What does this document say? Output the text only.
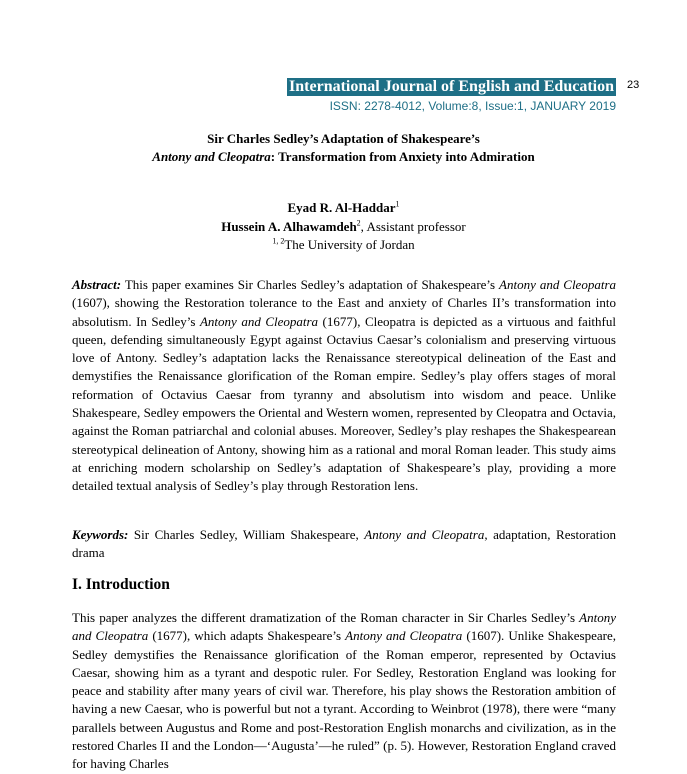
International Journal of English and Education 23
ISSN: 2278-4012, Volume:8, Issue:1, JANUARY 2019
Sir Charles Sedley’s Adaptation of Shakespeare’s
Antony and Cleopatra: Transformation from Anxiety into Admiration
Eyad R. Al-Haddar$^1$
Hussein A. Alhawamdeh$^2$, Assistant professor
$^{1, 2}$The University of Jordan
Abstract: This paper examines Sir Charles Sedley’s adaptation of Shakespeare’s Antony and Cleopatra (1607), showing the Restoration tolerance to the East and anxiety of Charles II’s transformation into absolutism. In Sedley’s Antony and Cleopatra (1677), Cleopatra is depicted as a virtuous and faithful queen, defending simultaneously Egypt against Octavius Caesar’s colonialism and preserving virtuous love of Antony. Sedley’s adaptation lacks the Renaissance stereotypical delineation of the East and demystifies the Renaissance glorification of the Roman empire. Sedley’s play offers stages of moral reformation of Octavius Caesar from tyranny and absolutism into wisdom and peace. Unlike Shakespeare, Sedley empowers the Oriental and Western women, represented by Cleopatra and Octavia, against the Roman patriarchal and colonial abuses. Moreover, Sedley’s play reshapes the Shakespearean stereotypical delineation of Antony, showing him as a rational and moral Roman leader. This study aims at enriching modern scholarship on Sedley’s adaptation of Shakespeare’s play, providing a more detailed textual analysis of Sedley’s play through Restoration lens.
Keywords: Sir Charles Sedley, William Shakespeare, Antony and Cleopatra, adaptation, Restoration drama
I. Introduction
This paper analyzes the different dramatization of the Roman character in Sir Charles Sedley’s Antony and Cleopatra (1677), which adapts Shakespeare’s Antony and Cleopatra (1607). Unlike Shakespeare, Sedley demystifies the Renaissance glorification of the Roman emperor, represented by Octavius Caesar, showing him as a tyrant and despotic ruler. For Sedley, Restoration England was looking for peace and stability after many years of civil war. Therefore, his play shows the Restoration ambition of having a new Caesar, who is powerful but not a tyrant. According to Weinbrot (1978), there were “many parallels between Augustus and Rome and post-Restoration English monarchs and civilization, as in the restored Charles II and the London—‘Augusta’—he ruled” (p. 5). However, Restoration England craved for having Charles
